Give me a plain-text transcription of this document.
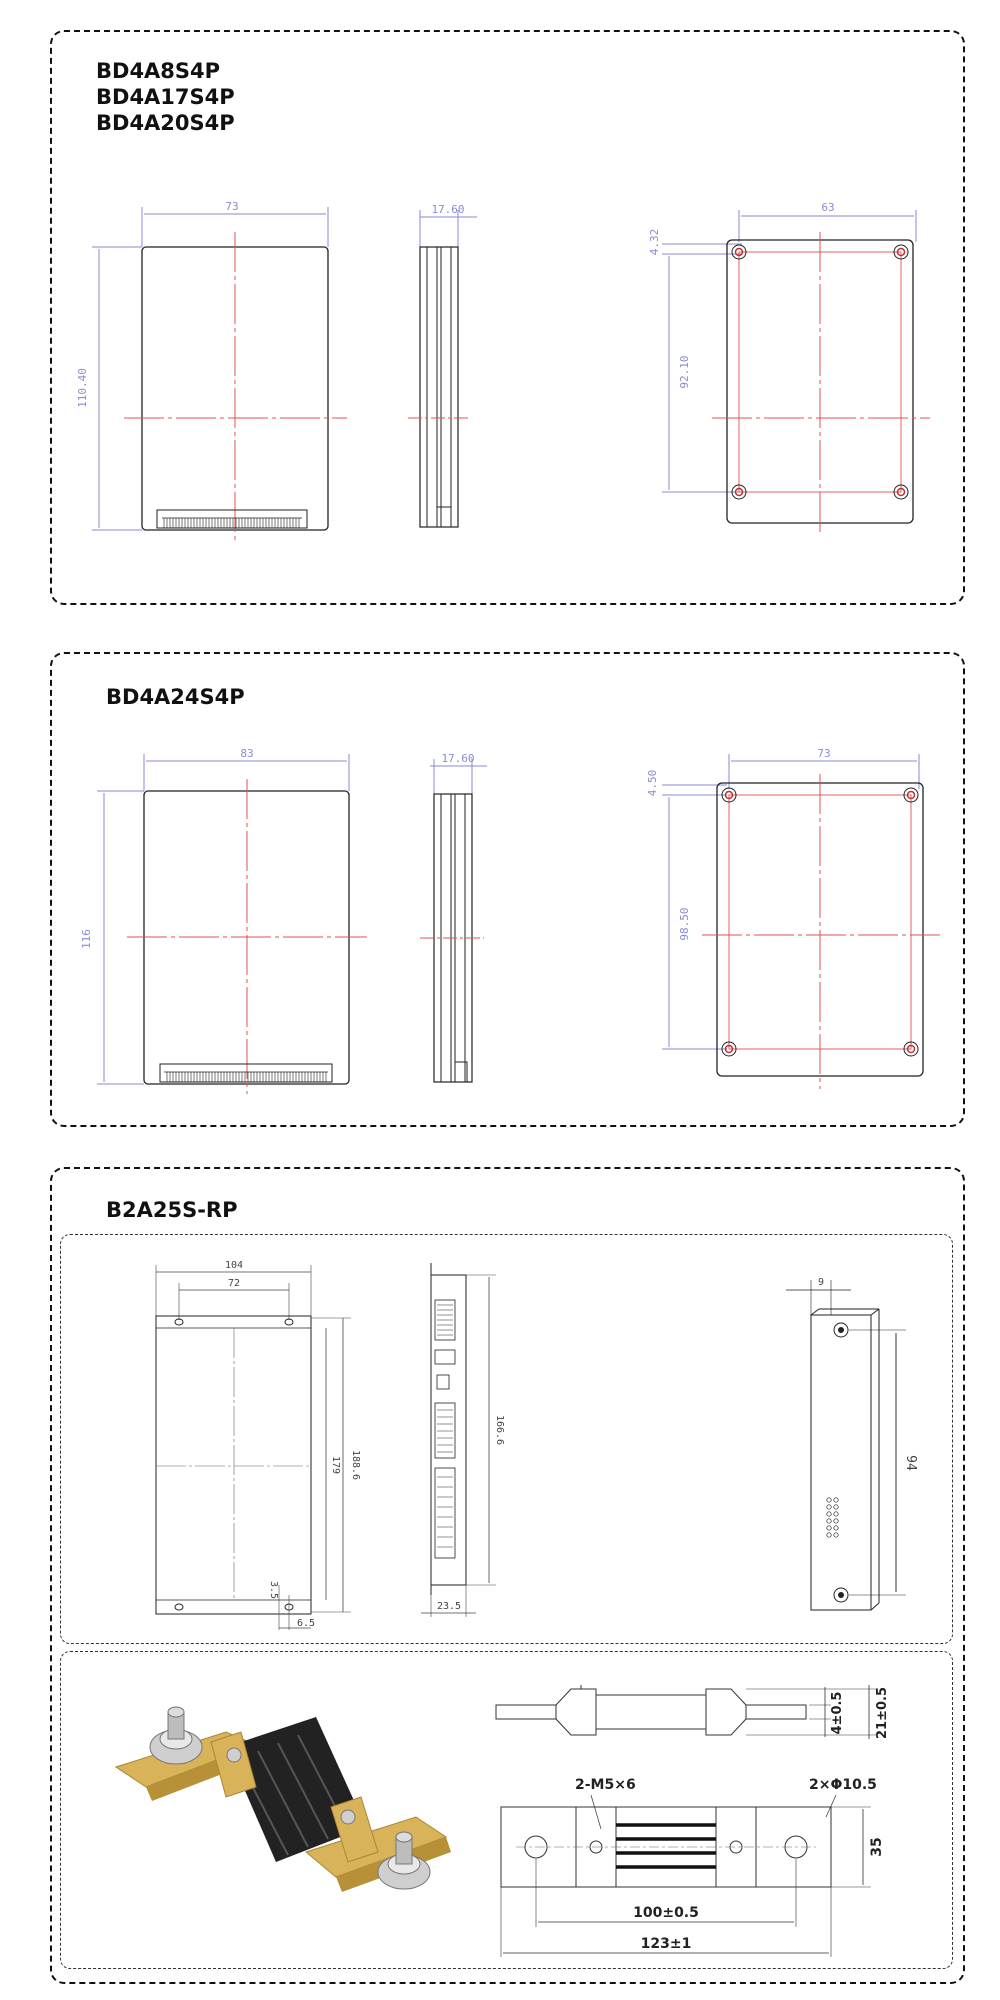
BD4A8S4P
BD4A17S4P
BD4A20S4P
73
110.40
17.60	63
4.32
92.10
BD4A24S4P
83
116
17.60	73
4.50
98.50
B2A25S-RP
104
72
188.6
179
3.5
6.5
166.6
23.5
9
94
4±0.5 21±0.5
2-M5×6	2×Φ10.5
35
100±0.5
123±1
